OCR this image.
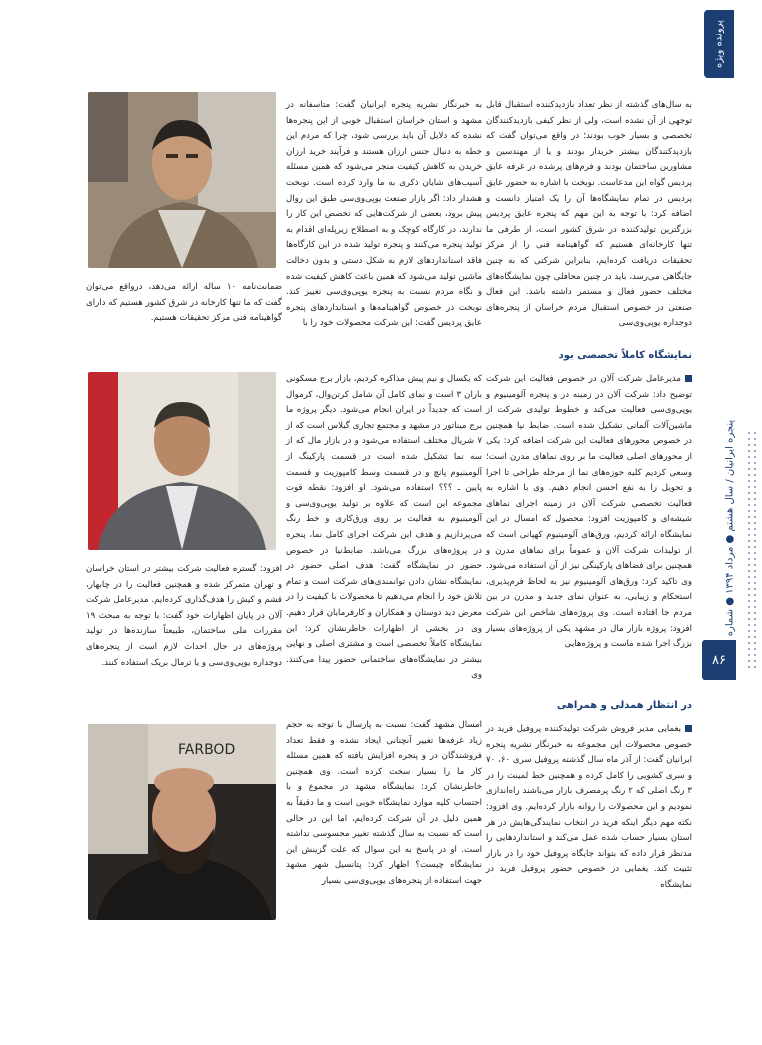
پرونده ویژه
پنجره ایرانیان / سال هشتم ● مرداد ۱۳۹۴ ● شماره
۸۶

به سال‌های گذشته از نظر تعداد بازدیدکننده استقبال قابل توجهی از آن نشده است، ولی از نظر کیفی بازدیدکنندگان تخصصی و بسیار خوب بودند؛ در واقع می‌توان گفت که بازدیدکنندگان بیشتر خریدار بودند و یا از مهندسین و مشاورین ساختمان بودند و فرم‌های پرشده در غرفه عایق پردیس گواه این مدعاست. نوبخت با اشاره به حضور عایق پردیس در تمام نمایشگاه‌ها آن را یک امتیاز دانست و اضافه کرد: با توجه به این مهم که پنجره عایق پردیس بزرگترین تولیدکننده در شرق کشور است، از طرفی ما تنها کارخانه‌ای هستیم که گواهینامه فنی را از مرکز تحقیقات دریافت کرده‌ایم، بنابراین شرکتی که به چنین جایگاهی می‌رسد، باید در چنین محافلی چون نمایشگاه‌های مختلف حضور فعال و مستمر داشته باشد. این فعال صنعتی در خصوص استقبال مردم خراسان از پنجره‌های دوجداره یوپی‌وی‌سی

به خبرنگار نشریه پنجره ایرانیان گفت: متاسفانه در مشهد و استان خراسان استقبال خوبی از این پنجره‌ها نشده که دلایل آن باید بررسی شود، چرا که مردم این خطه به دنبال جنس ارزان هستند و فرآیند خرید ارزان خریدن به کاهش کیفیت منجر می‌شود که همین مسئله آسیب‌های شایان ذکری به ما وارد کرده است. نوبخت هشدار داد: اگر بازار صنعت یوپی‌وی‌سی طبق این روال پیش برود، بعضی از شرکت‌هایی که تخصص این کار را ندارند، در کارگاه کوچک و به اصطلاح زیرپله‌ای اقدام به تولید پنجره می‌کنند و پنجره تولید شده در این کارگاه‌ها فاقد استانداردهای لازم به شکل دستی و بدون دخالت ماشین تولید می‌شود که همین باعث کاهش کیفیت شده و نگاه مردم نسبت به پنجره یوپی‌وی‌سی تغییر کند. نوبخت در خصوص گواهینامه‌ها و استانداردهای پنجره عایق پردیس گفت: این شرکت محصولات خود را با

ضمانت‌نامه ۱۰ ساله ارائه می‌دهد، درواقع می‌توان گفت که ما تنها کارخانه در شرق کشور هستیم که دارای گواهینامه فنی مرکز تحقیقات هستیم.

نمایشگاه کاملاً تخصصی بود

مدیرعامل شرکت آلان در خصوص فعالیت این شرکت توضیح داد: شرکت آلان در زمینه در و پنجره آلومینیوم و یوپی‌وی‌سی فعالیت می‌کند و خطوط تولیدی شرکت از ماشین‌آلات آلمانی تشکیل شده است. ضابط نیا همچنین در خصوص محورهای فعالیت این شرکت اضافه کرد: یکی از محورهای اصلی فعالیت ما بر روی نماهای مدرن است؛ وسعی کردیم کلیه حوزه‌های نما از مرحله طراحی تا اجرا و تحویل را به نفع احسن انجام دهیم. وی با اشاره به فعالیت تخصصی شرکت آلان در زمینه اجرای نماهای شیشه‌ای و کامپوزیت افزود: محصول که امسال در این نمایشگاه ارائه کردیم، ورق‌های آلومینیوم کهپانی است که از تولیدات شرکت آلان و عموماً برای نماهای مدرن و همچنین برای فضاهای پارکینگی نیز از آن استفاده می‌شود. وی تاکید کرد: ورق‌های آلومینیوم نیز به لحاظ فرم‌پذیری، استحکام و زیبایی، به عنوان نمای جدید و مدرن در بین مردم جا افتاده است. وی پروژه‌های شاخص این شرکت افزود: پروژه بازار مال در مشهد یکی از پروژه‌های بسیار بزرگ اجرا شده ماست و پروژه‌هایی

که یکسال و نیم پیش مذاکره کردیم، بازار برج مسکونی باران ۳ است و نمای کامل آن شامل کرتن‌وال، کرموال است که جدیداً در ایران انجام می‌شود. دیگر پروژه ما برج میناتور در مشهد و مجتمع تجاری گیلاس است که از ۷ شریال مختلف استفاده می‌شود و در بازار مال که از سه نما تشکیل شده است در قسمت پارکینگ از آلومینیوم پانچ و در قسمت وسط کامپوزیت و قسمت پایین ـ ؟؟؟ استفاده می‌شود. او افزود: نقطه قوت مجموعه این است که علاوه بر تولید یوپی‌وی‌سی و آلومینیوم به فعالیت بر روی ورق‌کاری و خط رنگ می‌پردازیم و هدف این شرکت اجرای کامل نما، پنجره در پروژه‌های بزرگ می‌باشد. ضابط‌نیا در خصوص حضور در نمایشگاه گفت: هدف اصلی حضور در نمایشگاه نشان دادن توانمندی‌های شرکت است و تمام تلاش خود را انجام می‌دهیم تا محصولات با کیفیت را در معرض دید دوستان و همکاران و کارفرمایان قرار دهیم. وی در بخشی از اظهارات خاطرنشان کرد: این نمایشگاه کاملاً تخصصی است و مشتری اصلی و نهایی بیشتر در نمایشگاه‌های ساختمانی حضور پیدا می‌کنند. وی

افزود: گستره فعالیت شرکت بیشتر در استان خراسان و تهران متمرکز شده و همچنین فعالیت را در چابهار، قشم و کیش را هدف‌گذاری کرده‌ایم. مدیرعامل شرکت آلان در پایان اظهارات خود گفت: با توجه به مبحث ۱۹ مقررات ملی ساختمان، طبیعتاً سازنده‌ها در تولید پروژه‌های در حال احداث لازم است از پنجره‌های دوجداره یوپی‌وی‌سی و یا ترمال بریک استفاده کنند.

در انتظار همدلی و همراهی

یغمایی مدیر فروش شرکت تولیدکننده پروفیل فرید در خصوص محصولات این مجموعه به خبرنگار نشریه پنجره ایرانیان گفت: از آذر ماه سال گذشته پروفیل سری ۶۰، ۷۰ و سری کشویی را کامل کرده و همچنین خط لمینت را در ۳ رنگ اصلی که ۲ رنگ پرمصرف بازار می‌باشند راه‌اندازی نمودیم و این محصولات را روانه بازار کرده‌ایم. وی افزود: نکته مهم دیگر اینکه فرید در انتخاب نمایندگی‌هایش در هر استان بسیار حساب شده عمل می‌کند و استانداردهایی را مدنظر قرار داده که بتواند جایگاه پروفیل خود را در بازار تثبیت کند. یغمایی در خصوص حضور پروفیل فرید در نمایشگاه

امسال مشهد گفت: نسبت به پارسال با توجه به حجم زیاد غرفه‌ها تغییر آنچنانی ایجاد نشده و فقط تعداد فروشندگان در و پنجره افزایش یافته که همین مسئله کار ما را بسیار سخت کرده است. وی همچنین خاطرنشان کرد: نمایشگاه مشهد در مجموع و با احتساب کلیه موارد نمایشگاه خوبی است و ما دقیقاً به همین دلیل در آن شرکت کرده‌ایم، اما این در حالی است که نسبت به سال گذشته تغییر محسوسی نداشته است. او در پاسخ به این سوال که علت گزینش این نمایشگاه چیست؟ اظهار کرد: پتانسیل شهر مشهد جهت استفاده از پنجره‌های یوپی‌وی‌سی بسیار

FARBOD
